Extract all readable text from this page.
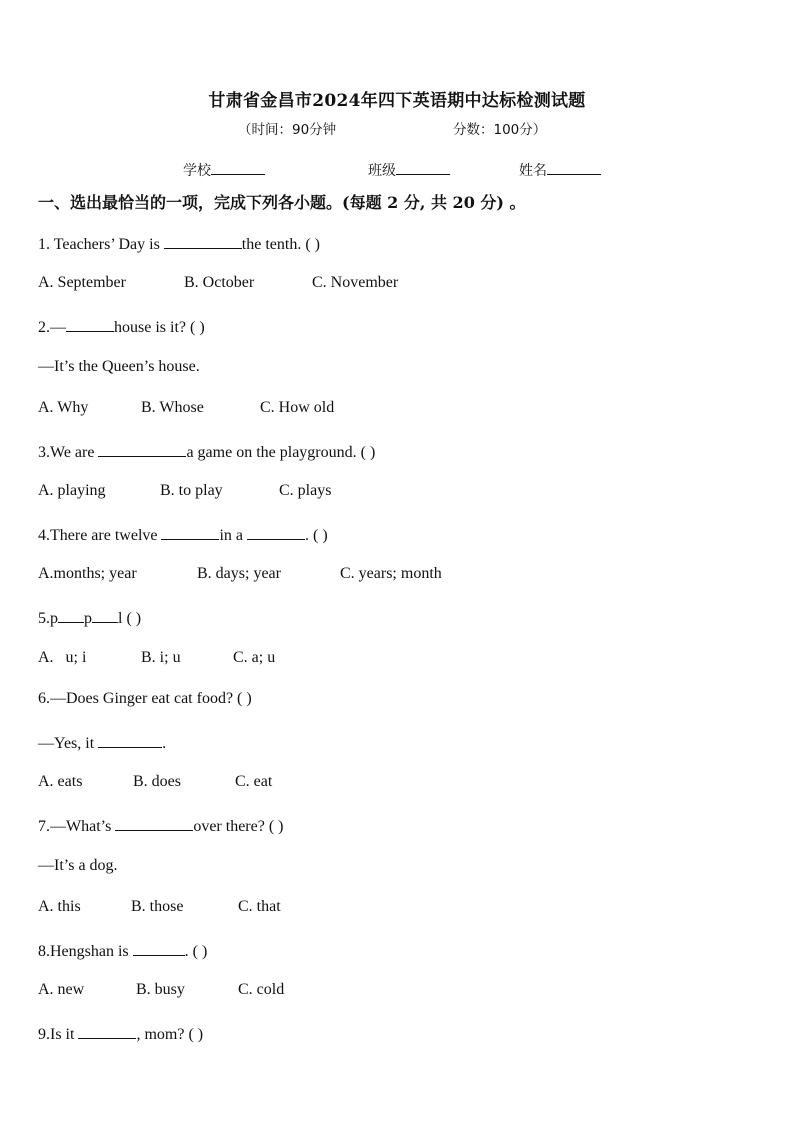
甘肃省金昌市2024年四下英语期中达标检测试题
（时间：90分钟	分数：100分）
学校	班级	姓名
一、选出最恰当的一项，完成下列各小题。(每题 2 分, 共 20 分) 。
1. Teachers’ Day is	the tenth. ( )
A. September	B. October	C. November
2.—	house is it? ( )
—It’s the Queen’s house.
A. Why	B. Whose	C. How old
3.We are	a game on the playground. ( )
A. playing	B. to play	C. plays
4.There are twelve	in a	. ( )
A.months; year	B. days; year	C. years; month
5.p p l ( )
A.   u; i	B. i; u	C. a; u
6.—Does Ginger eat cat food? ( )
—Yes, it	.
A. eats	B. does	C. eat
7.—What’s	over there? ( )
—It’s a dog.
A. this	B. those	C. that
8.Hengshan is	. ( )
A. new	B. busy	C. cold
9.Is it	, mom? ( )
